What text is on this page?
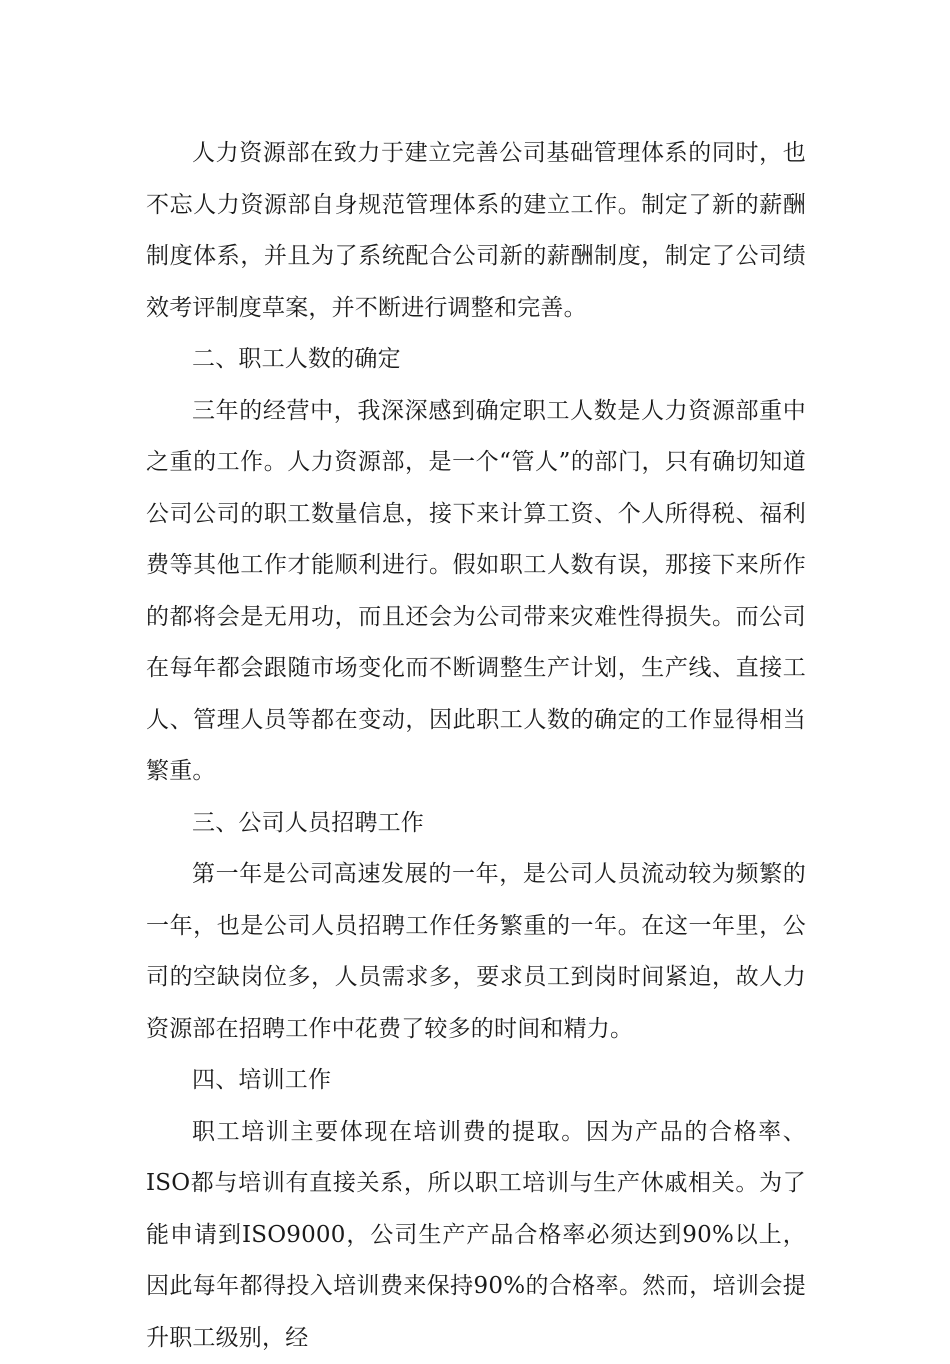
人力资源部在致力于建立完善公司基础管理体系的同时，也不忘人力资源部自身规范管理体系的建立工作。制定了新的薪酬制度体系，并且为了系统配合公司新的薪酬制度，制定了公司绩效考评制度草案，并不断进行调整和完善。

二、职工人数的确定

三年的经营中，我深深感到确定职工人数是人力资源部重中之重的工作。人力资源部，是一个“管人”的部门，只有确切知道公司公司的职工数量信息，接下来计算工资、个人所得税、福利费等其他工作才能顺利进行。假如职工人数有误，那接下来所作的都将会是无用功，而且还会为公司带来灾难性得损失。而公司在每年都会跟随市场变化而不断调整生产计划，生产线、直接工人、管理人员等都在变动，因此职工人数的确定的工作显得相当繁重。

三、公司人员招聘工作

第一年是公司高速发展的一年，是公司人员流动较为频繁的一年，也是公司人员招聘工作任务繁重的一年。在这一年里，公司的空缺岗位多，人员需求多，要求员工到岗时间紧迫，故人力资源部在招聘工作中花费了较多的时间和精力。

四、培训工作

职工培训主要体现在培训费的提取。因为产品的合格率、ISO都与培训有直接关系，所以职工培训与生产休戚相关。为了能申请到ISO9000，公司生产产品合格率必须达到90%以上，因此每年都得投入培训费来保持90%的合格率。然而，培训会提升职工级别，经
